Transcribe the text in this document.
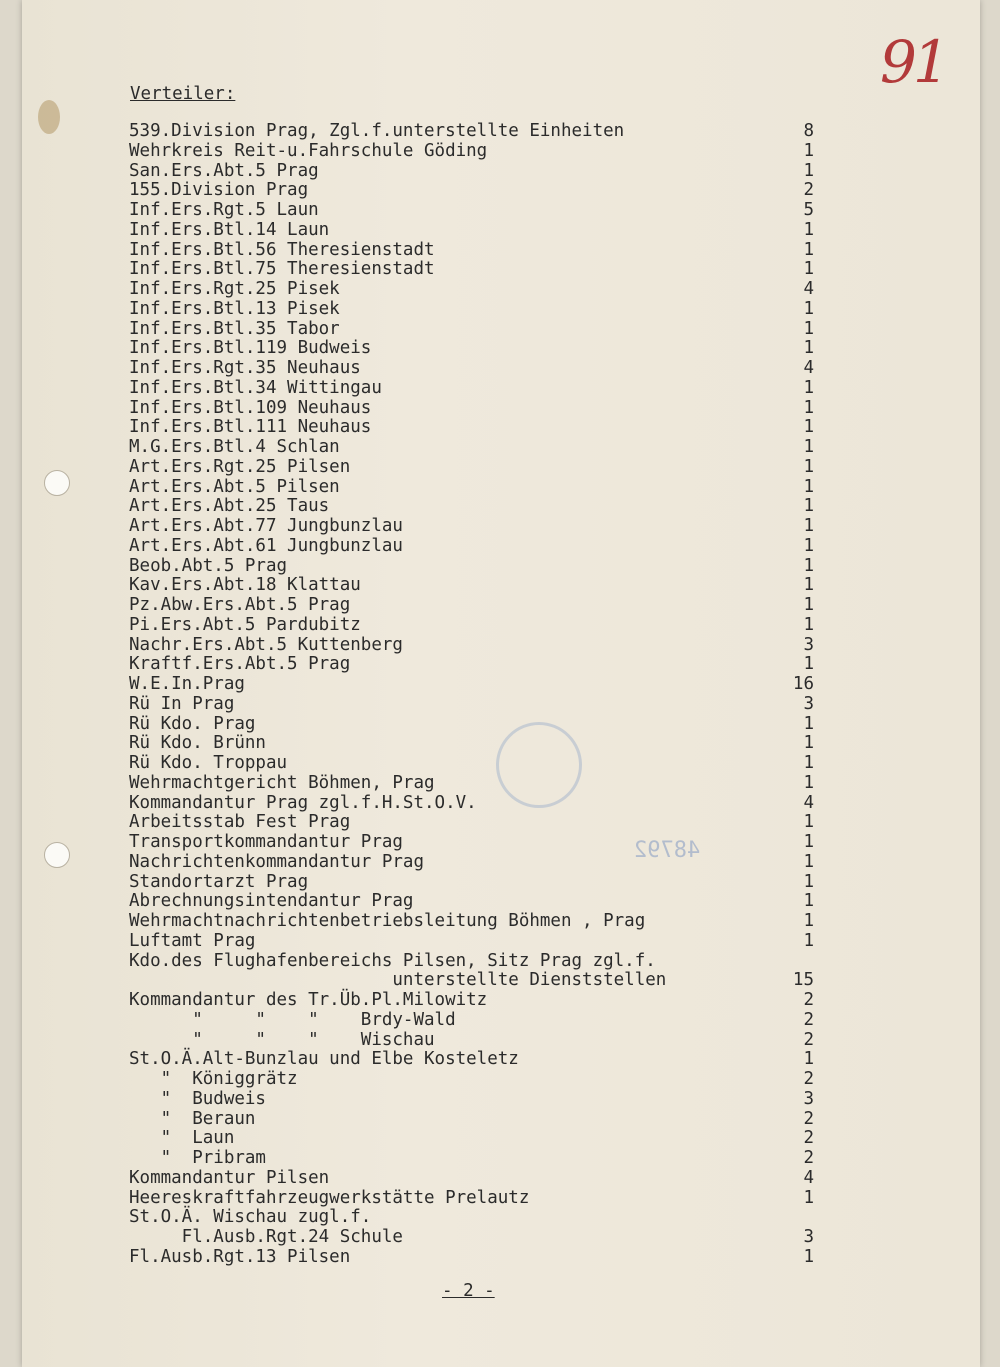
91
Verteiler:
48792
539.Division Prag, Zgl.f.unterstellte Einheiten	8
Wehrkreis Reit-u.Fahrschule Göding	1
San.Ers.Abt.5 Prag	1
155.Division Prag	2
Inf.Ers.Rgt.5 Laun	5
Inf.Ers.Btl.14 Laun	1
Inf.Ers.Btl.56 Theresienstadt	1
Inf.Ers.Btl.75 Theresienstadt	1
Inf.Ers.Rgt.25 Pisek	4
Inf.Ers.Btl.13 Pisek	1
Inf.Ers.Btl.35 Tabor	1
Inf.Ers.Btl.119 Budweis	1
Inf.Ers.Rgt.35 Neuhaus	4
Inf.Ers.Btl.34 Wittingau	1
Inf.Ers.Btl.109 Neuhaus	1
Inf.Ers.Btl.111 Neuhaus	1
M.G.Ers.Btl.4 Schlan	1
Art.Ers.Rgt.25 Pilsen	1
Art.Ers.Abt.5 Pilsen	1
Art.Ers.Abt.25 Taus	1
Art.Ers.Abt.77 Jungbunzlau	1
Art.Ers.Abt.61 Jungbunzlau	1
Beob.Abt.5 Prag	1
Kav.Ers.Abt.18 Klattau	1
Pz.Abw.Ers.Abt.5 Prag	1
Pi.Ers.Abt.5 Pardubitz	1
Nachr.Ers.Abt.5 Kuttenberg	3
Kraftf.Ers.Abt.5 Prag	1
W.E.In.Prag	16
Rü In Prag	3
Rü Kdo. Prag	1
Rü Kdo. Brünn	1
Rü Kdo. Troppau	1
Wehrmachtgericht Böhmen, Prag	1
Kommandantur Prag zgl.f.H.St.O.V.	4
Arbeitsstab Fest Prag	1
Transportkommandantur Prag	1
Nachrichtenkommandantur Prag	1
Standortarzt Prag	1
Abrechnungsintendantur Prag	1
Wehrmachtnachrichtenbetriebsleitung Böhmen , Prag	1
Luftamt Prag	1
Kdo.des Flughafenbereichs Pilsen, Sitz Prag zgl.f.
unterstellte Dienststellen	15
Kommandantur des Tr.Üb.Pl.Milowitz	2
"     "    "    Brdy-Wald	2
"     "    "    Wischau	2
St.O.Ä.Alt-Bunzlau und Elbe Kosteletz	1
"  Königgrätz	2
"  Budweis	3
"  Beraun	2
"  Laun	2
"  Pribram	2
Kommandantur Pilsen	4
Heereskraftfahrzeugwerkstätte Prelautz	1
St.O.Ä. Wischau zugl.f.
Fl.Ausb.Rgt.24 Schule	3
Fl.Ausb.Rgt.13 Pilsen	1
- 2 -
